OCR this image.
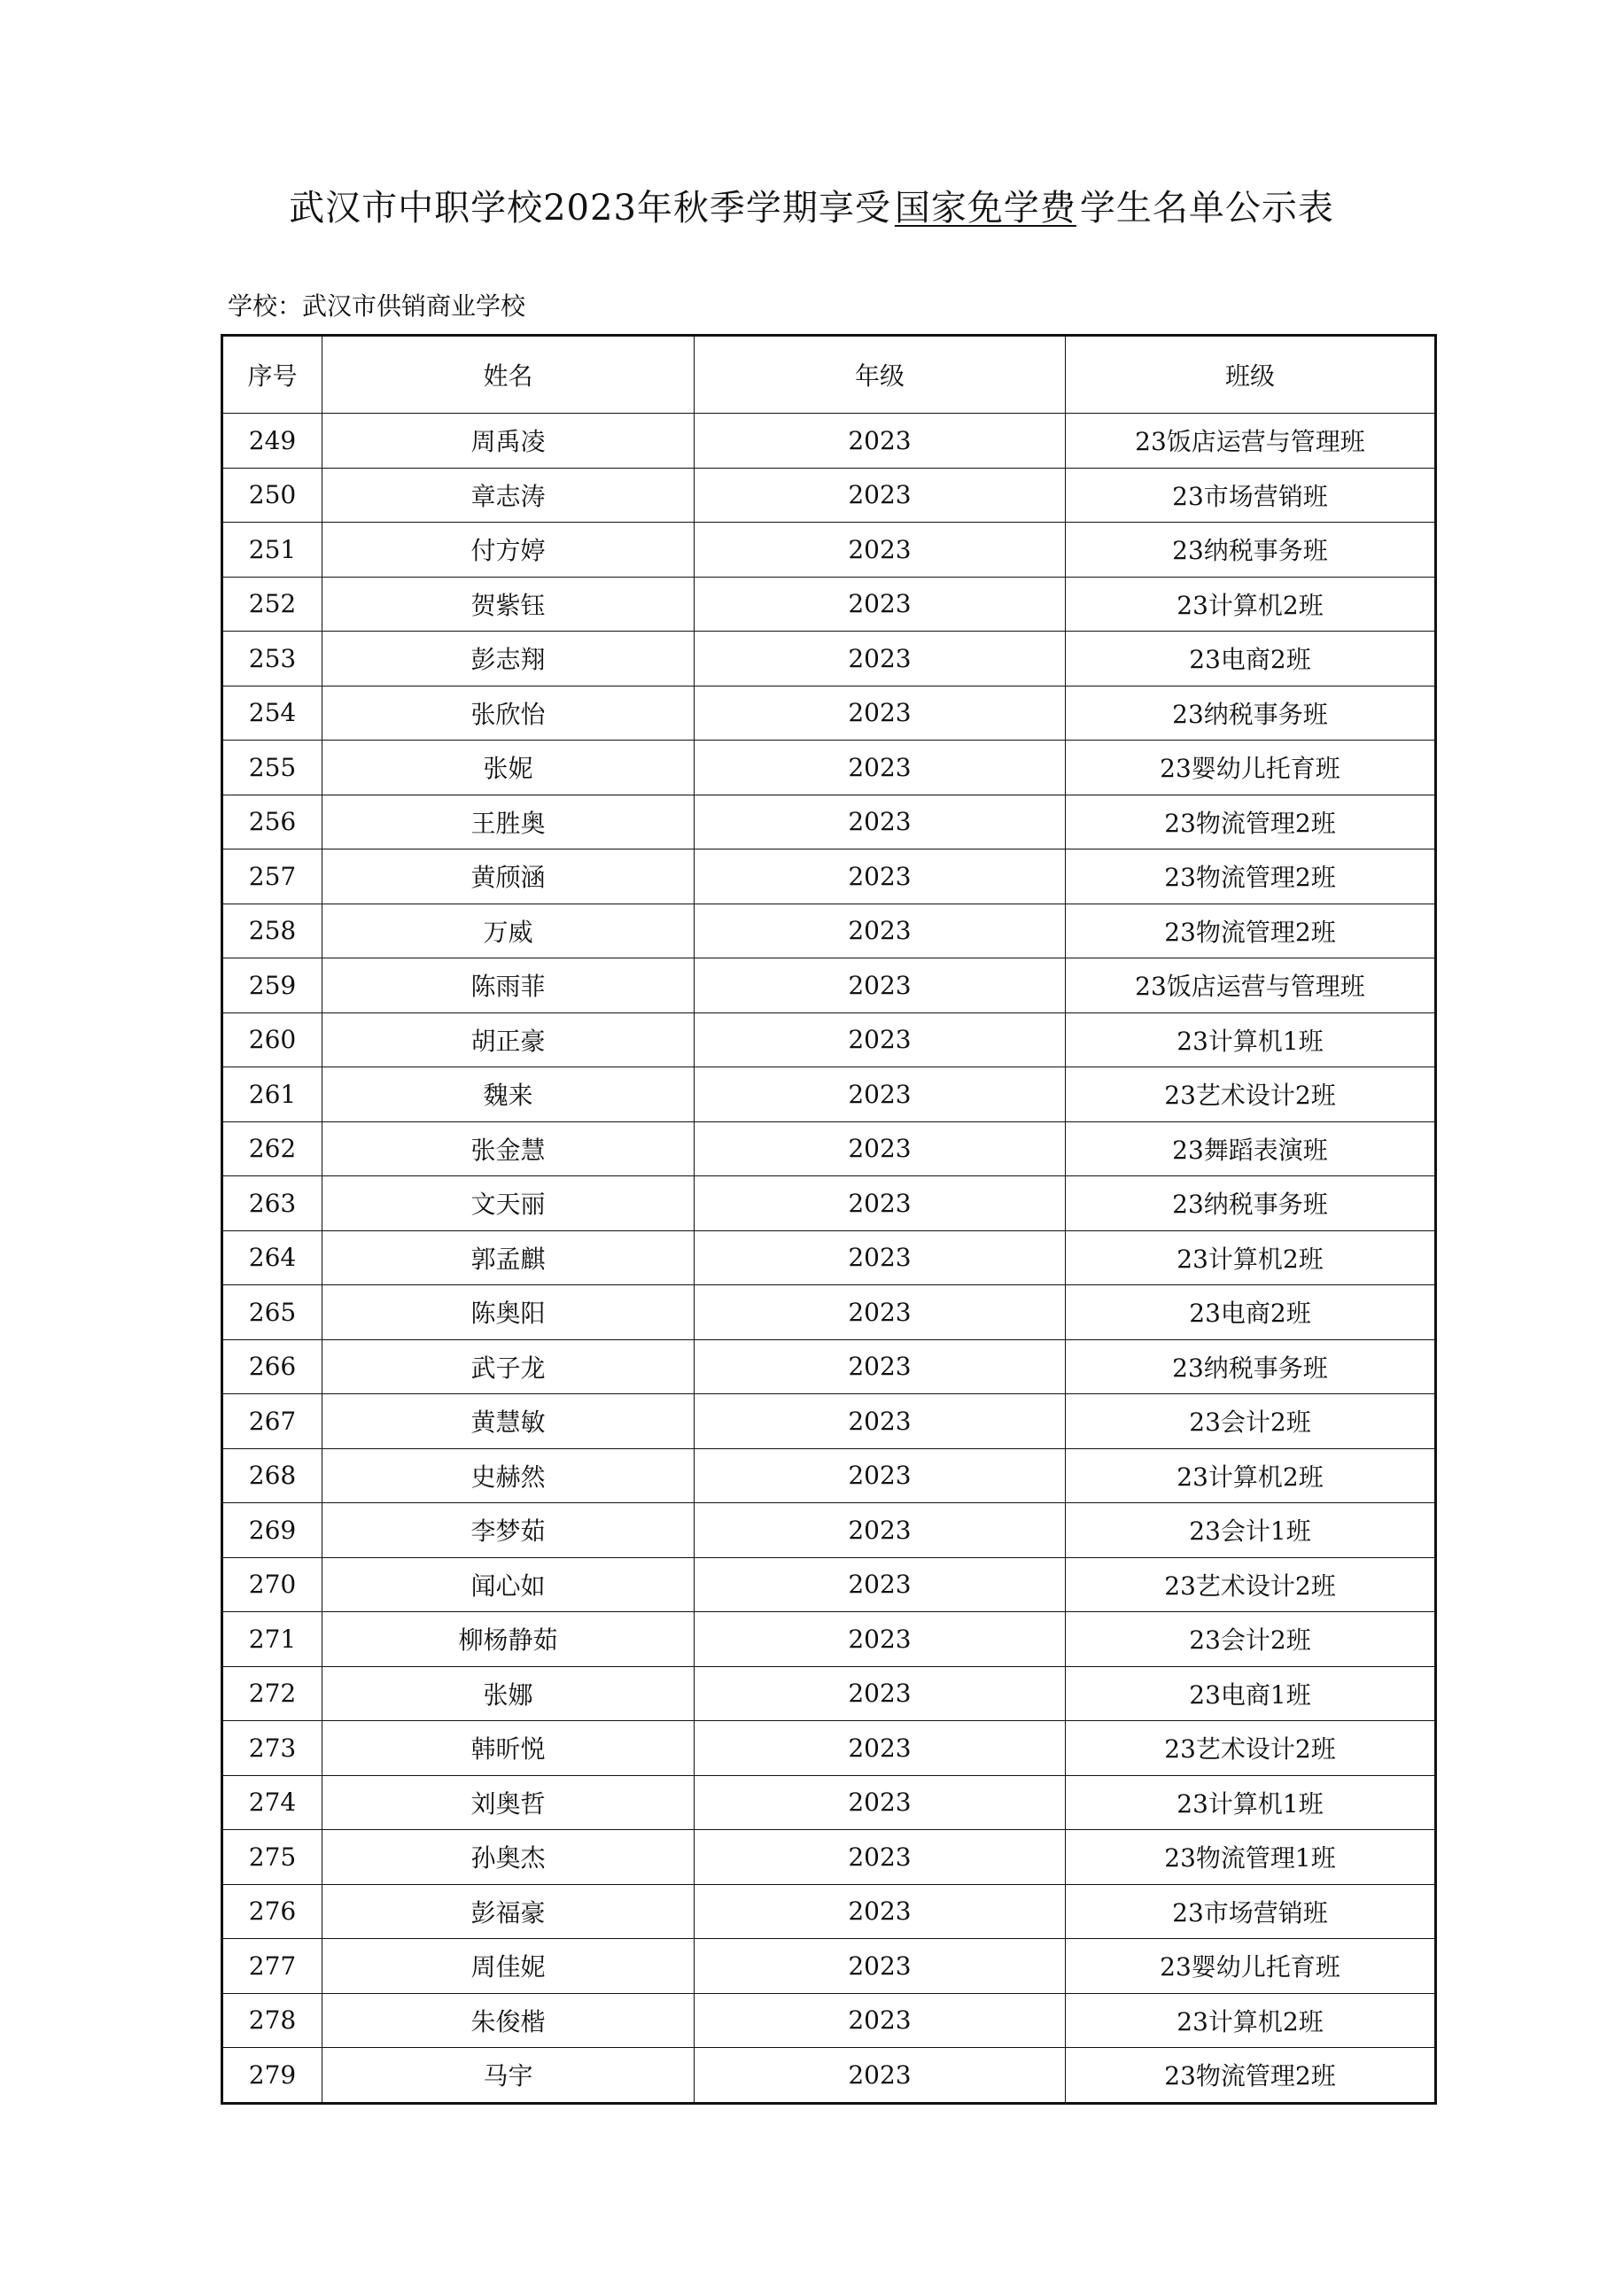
武汉市中职学校2023年秋季学期享受 国家免学费 学生名单公示表
学校：武汉市供销商业学校
序号	姓名	年级	班级
249	周禹凌	2023	23饭店运营与管理班
250	章志涛	2023	23市场营销班
251	付方婷	2023	23纳税事务班
252	贺紫钰	2023	23计算机2班
253	彭志翔	2023	23电商2班
254	张欣怡	2023	23纳税事务班
255	张妮	2023	23婴幼儿托育班
256	王胜奥	2023	23物流管理2班
257	黄颀涵	2023	23物流管理2班
258	万威	2023	23物流管理2班
259	陈雨菲	2023	23饭店运营与管理班
260	胡正豪	2023	23计算机1班
261	魏来	2023	23艺术设计2班
262	张金慧	2023	23舞蹈表演班
263	文天丽	2023	23纳税事务班
264	郭孟麒	2023	23计算机2班
265	陈奥阳	2023	23电商2班
266	武子龙	2023	23纳税事务班
267	黄慧敏	2023	23会计2班
268	史赫然	2023	23计算机2班
269	李梦茹	2023	23会计1班
270	闻心如	2023	23艺术设计2班
271	柳杨静茹	2023	23会计2班
272	张娜	2023	23电商1班
273	韩昕悦	2023	23艺术设计2班
274	刘奥哲	2023	23计算机1班
275	孙奥杰	2023	23物流管理1班
276	彭福豪	2023	23市场营销班
277	周佳妮	2023	23婴幼儿托育班
278	朱俊楷	2023	23计算机2班
279	马宇	2023	23物流管理2班
